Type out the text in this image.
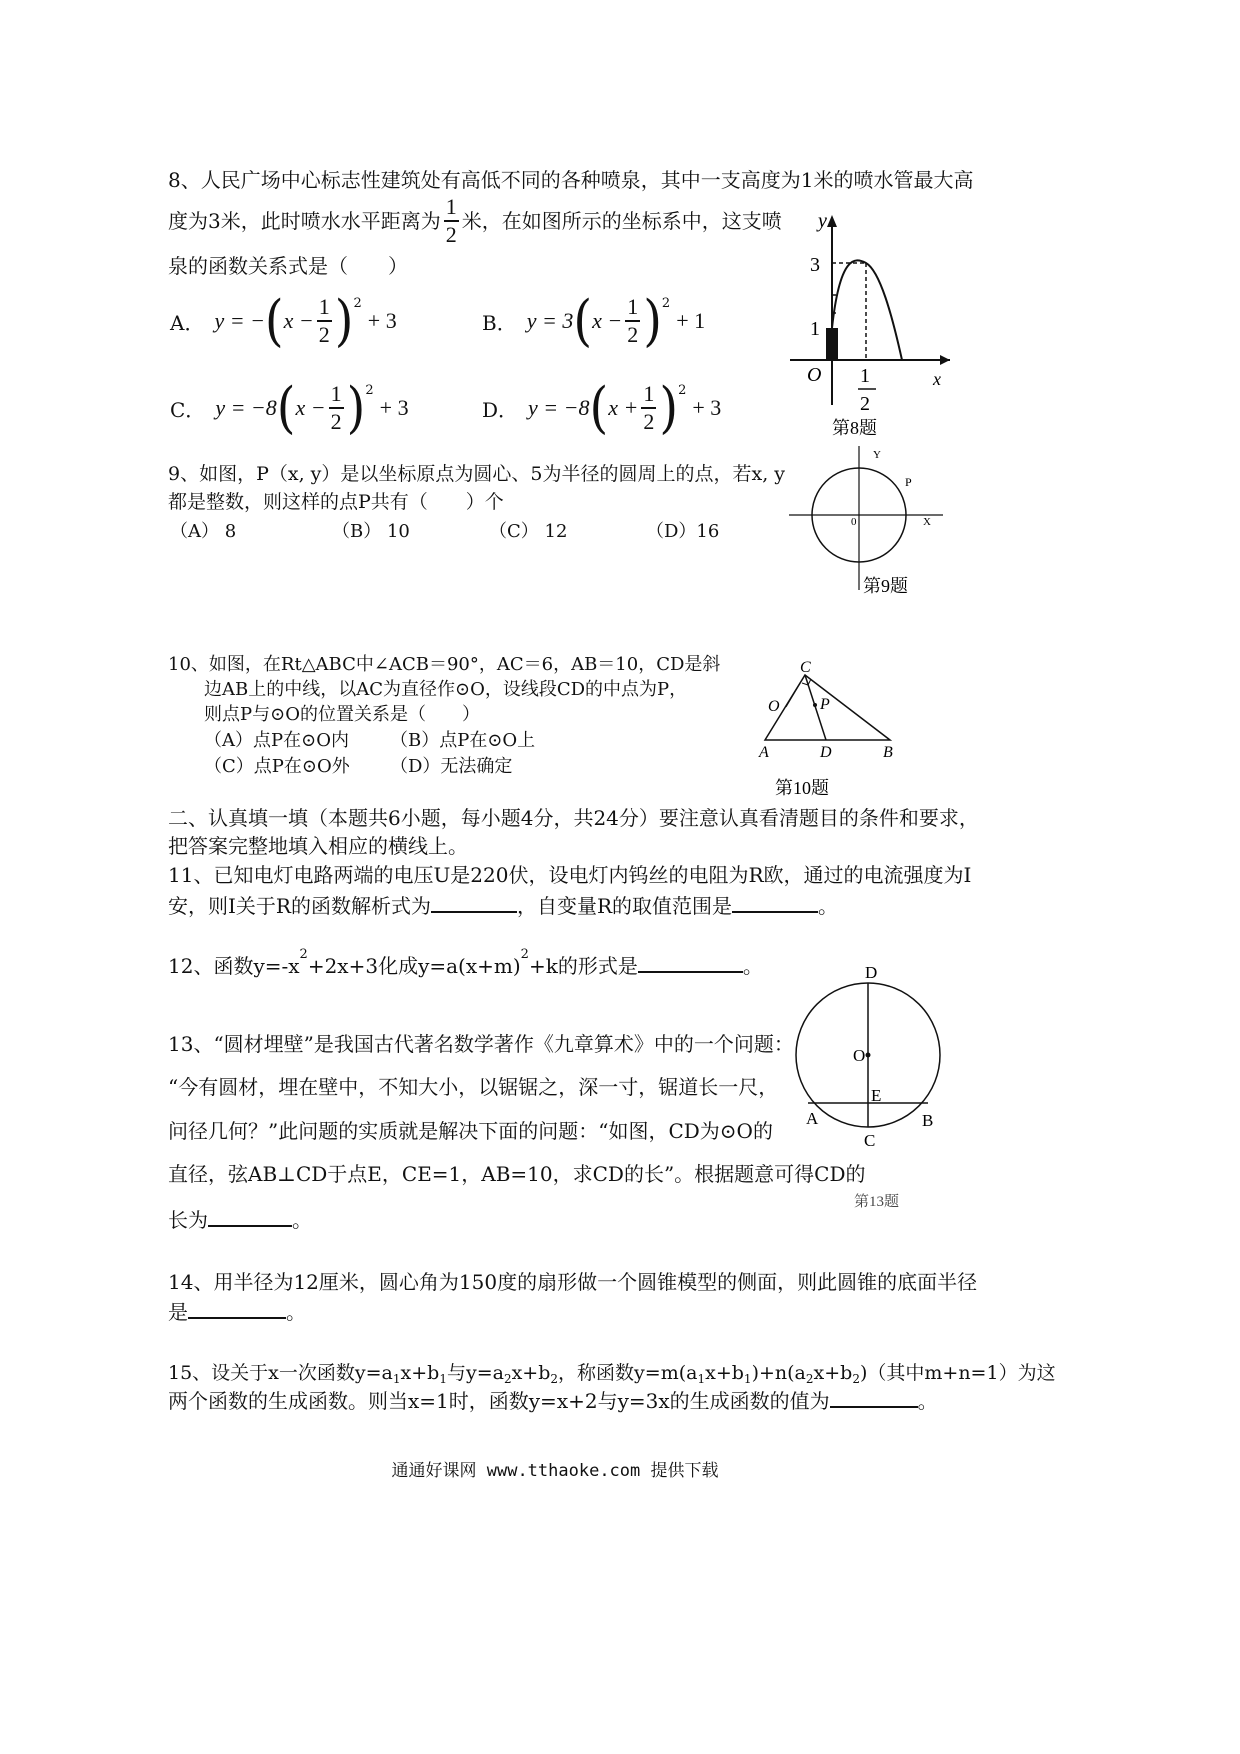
8、人民广场中心标志性建筑处有高低不同的各种喷泉，其中一支高度为1米的喷水管最大高
度为3米，此时喷水水平距离为 $\frac{1}{2}$ 米，在如图所示的坐标系中，这支喷
泉的函数关系式是（　　）
A． y = − ( $x - \frac{1}{2}$ ) 2
+ 3	B． y = 3 ( $x - \frac{1}{2}$ ) 2
+ 1
C． y = −8 ( $x - \frac{1}{2}$ ) 2
+ 3	D． y = −8 ( $x + \frac{1}{2}$ ) 2
+ 3
y
x
O
3
1
1
2
第8题
9、如图，P（x, y）是以坐标原点为圆心、5为半径的圆周上的点，若x, y
都是整数，则这样的点P共有（　　）个
（A） 8	（B） 10	（C） 12	（D）16
Y
X
0
P
第9题
10、如图，在Rt△ABC中∠ACB＝90°，AC＝6，AB＝10，CD是斜
边AB上的中线，以AC为直径作⊙O，设线段CD的中点为P，
则点P与⊙O的位置关系是（　　）
（A）点P在⊙O内 （B）点P在⊙O上
（C）点P在⊙O外 （D）无法确定
C
O	P
A	D	B
第10题
二、认真填一填（本题共6小题，每小题4分，共24分）要注意认真看清题目的条件和要求，
把答案完整地填入相应的横线上。
11、已知电灯电路两端的电压U是220伏，设电灯内钨丝的电阻为R欧，通过的电流强度为I
安，则I关于R的函数解析式为	，自变量R的取值范围是	。
12、函数$y=-x^2+2x+3$化成$y=a(x+m)^2+k$的形式是	。
13、“圆材埋壁”是我国古代著名数学著作《九章算术》中的一个问题：
“今有圆材，埋在壁中，不知大小，以锯锯之，深一寸，锯道长一尺，
问径几何？”此问题的实质就是解决下面的问题：“如图，CD为⊙O的
直径，弦AB⊥CD于点E，CE=1，AB=10，求CD的长”。根据题意可得CD的
长为	。
D
O
E
A	B
C
第13题
14、用半径为12厘米，圆心角为150度的扇形做一个圆锥模型的侧面，则此圆锥的底面半径
是	。
15、设关于x一次函数$y=a_1x+b_1$与$y=a_2x+b_2$，称函数$y=m(a_1x+b_1)+n(a_2x+b_2)$（其中m+n=1）为这
两个函数的生成函数。则当x=1时，函数y=x+2与y=3x的生成函数的值为	。
通通好课网 www.tthaoke.com 提供下载
